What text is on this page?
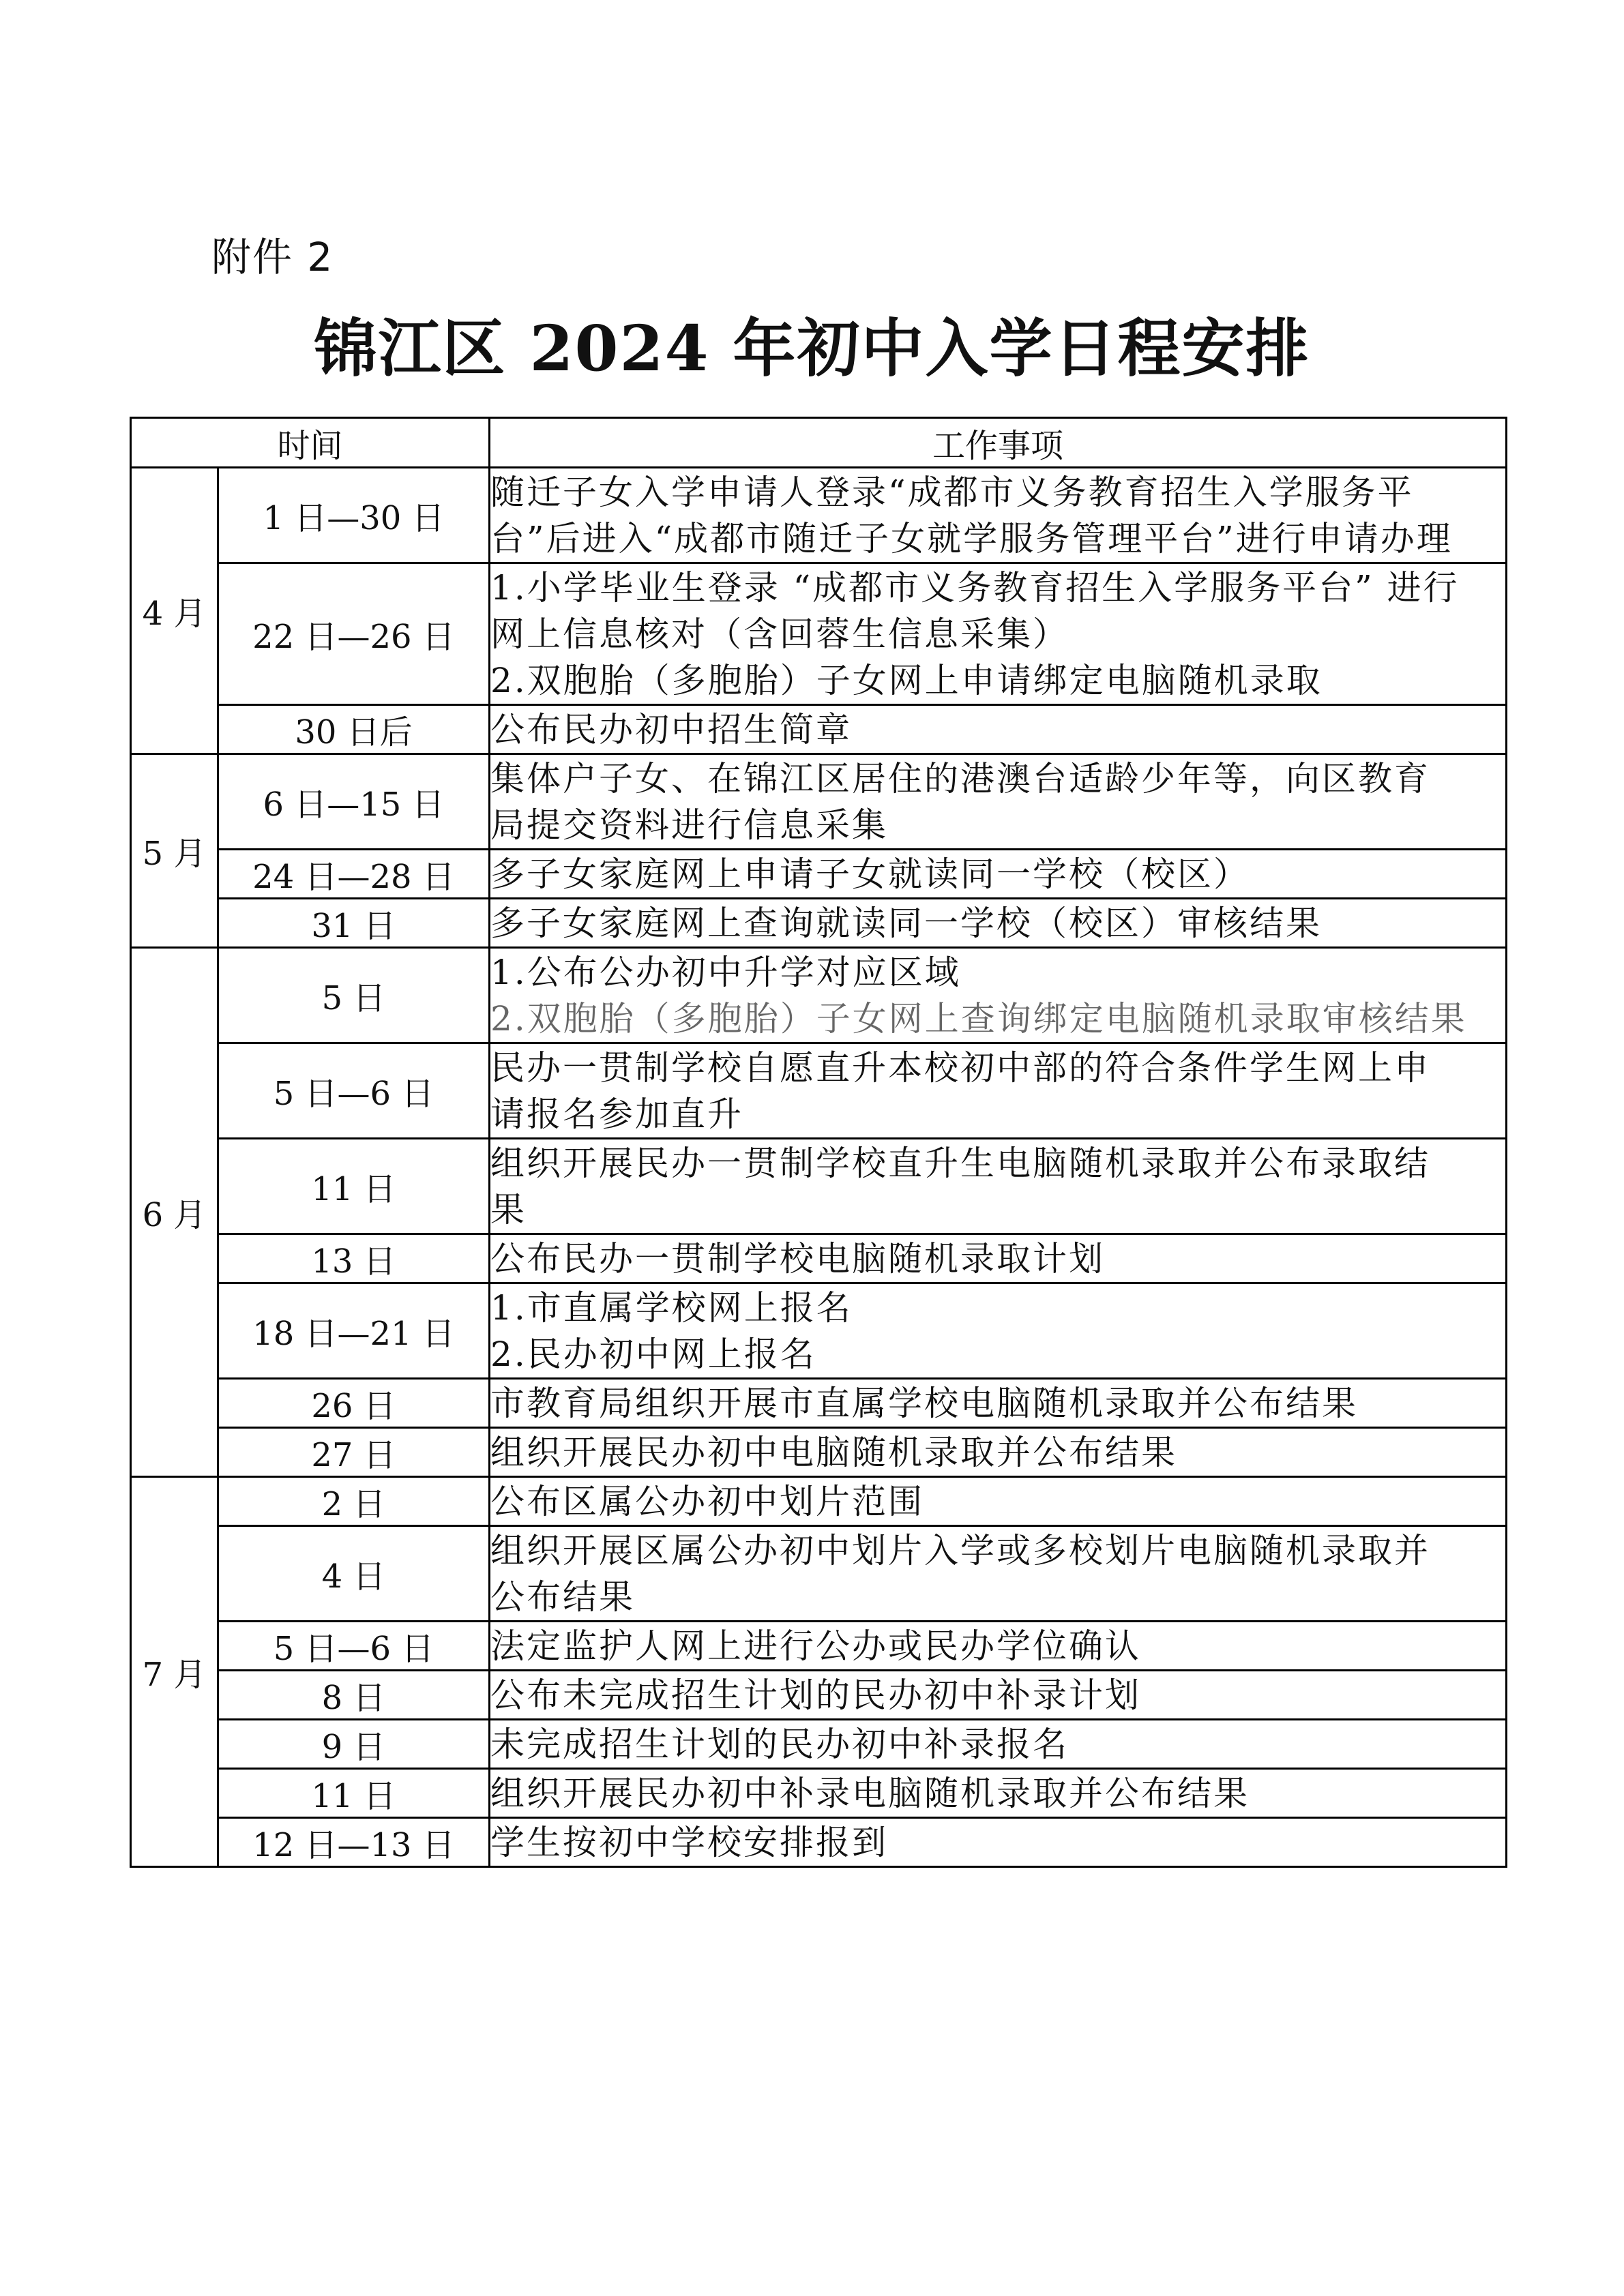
附件 2
锦江区 2024 年初中入学日程安排
时间		工作事项
4 月	1 日—30 日	随迁子女入学申请人登录“成都市义务教育招生入学服务平
台”后进入“成都市随迁子女就学服务管理平台”进行申请办理

	22 日—26 日	1.小学毕业生登录 “成都市义务教育招生入学服务平台” 进行
网上信息核对（含回蓉生信息采集）
2.双胞胎（多胞胎）子女网上申请绑定电脑随机录取

	30 日后	公布民办初中招生简章

5 月	6 日—15 日	集体户子女、在锦江区居住的港澳台适龄少年等，向区教育
局提交资料进行信息采集

	24 日—28 日	多子女家庭网上申请子女就读同一学校（校区）

	31 日	多子女家庭网上查询就读同一学校（校区）审核结果

6 月	5 日	1.公布公办初中升学对应区域
2.双胞胎（多胞胎）子女网上查询绑定电脑随机录取审核结果

	5 日—6 日	民办一贯制学校自愿直升本校初中部的符合条件学生网上申
请报名参加直升

	11 日	组织开展民办一贯制学校直升生电脑随机录取并公布录取结
果

	13 日	公布民办一贯制学校电脑随机录取计划

	18 日—21 日	1.市直属学校网上报名
2.民办初中网上报名

	26 日	市教育局组织开展市直属学校电脑随机录取并公布结果

	27 日	组织开展民办初中电脑随机录取并公布结果

7 月	2 日	公布区属公办初中划片范围

	4 日	组织开展区属公办初中划片入学或多校划片电脑随机录取并
公布结果

	5 日—6 日	法定监护人网上进行公办或民办学位确认

	8 日	公布未完成招生计划的民办初中补录计划

	9 日	未完成招生计划的民办初中补录报名

	11 日	组织开展民办初中补录电脑随机录取并公布结果

	12 日—13 日	学生按初中学校安排报到
